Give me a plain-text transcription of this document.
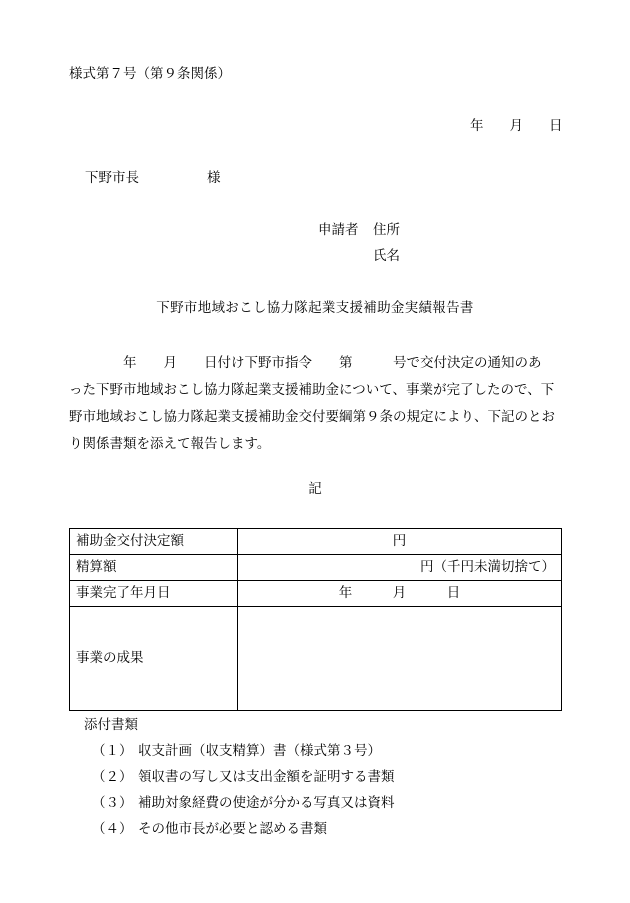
様式第７号（第９条関係）
年 月 日
下野市長	様
申請者 住所
氏名
下野市地域おこし協力隊起業支援補助金実績報告書
　　　　年　　月　　日付け下野市指令　　第　　　号で交付決定の通知のあ
った下野市地域おこし協力隊起業支援補助金について、事業が完了したので、下
野市地域おこし協力隊起業支援補助金交付要綱第９条の規定により、下記のとお
り関係書類を添えて報告します。
記
補助金交付決定額	円
精算額	円（千円未満切捨て）
事業完了年月日	年　　　月　　　日
事業の成果	
添付書類
（１） 収支計画（収支精算）書（様式第３号）
（２） 領収書の写し又は支出金額を証明する書類
（３） 補助対象経費の使途が分かる写真又は資料
（４） その他市長が必要と認める書類
